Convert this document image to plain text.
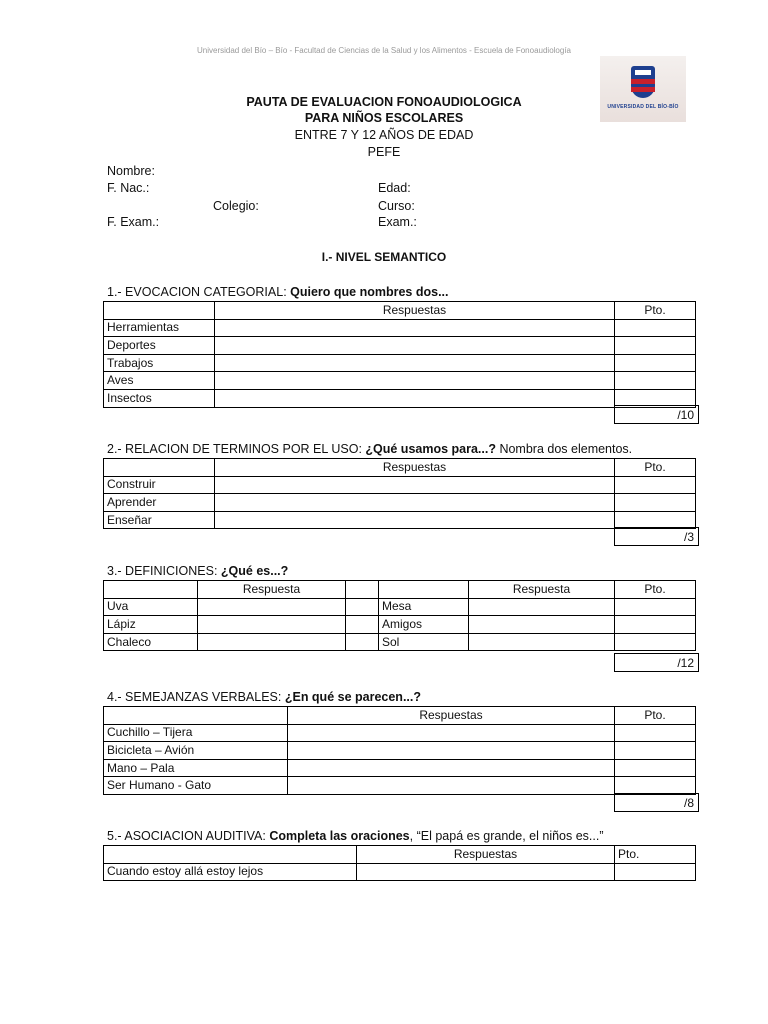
Universidad del Bío – Bío - Facultad de Ciencias de la Salud y los Alimentos - Escuela de Fonoaudiología
UNIVERSIDAD DEL BÍO-BÍO
PAUTA DE EVALUACION FONOAUDIOLOGICA
PARA NIÑOS ESCOLARES
ENTRE 7 Y 12 AÑOS DE EDAD
PEFE
Nombre:
F. Nac.:	Edad:
Colegio:	Curso:
F. Exam.:	Exam.:
I.- NIVEL SEMANTICO
1.- EVOCACION CATEGORIAL: Quiero que nombres dos...
	Respuestas	Pto.
Herramientas		
Deportes		
Trabajos		
Aves		
Insectos		
/10
2.- RELACION DE TERMINOS POR EL USO: ¿Qué usamos para...? Nombra dos elementos.
	Respuestas	Pto.
Construir		
Aprender		
Enseñar		
/3
3.- DEFINICIONES: ¿Qué es...?
	Respuesta			Respuesta	Pto.
Uva			Mesa		
Lápiz			Amigos		
Chaleco			Sol		
/12
4.- SEMEJANZAS VERBALES: ¿En qué se parecen...?
	Respuestas	Pto.
Cuchillo – Tijera		
Bicicleta – Avión		
Mano – Pala		
Ser Humano - Gato		
/8
5.- ASOCIACION AUDITIVA: Completa las oraciones, “El papá es grande, el niños es...”
	Respuestas	Pto.
Cuando estoy allá estoy lejos		
